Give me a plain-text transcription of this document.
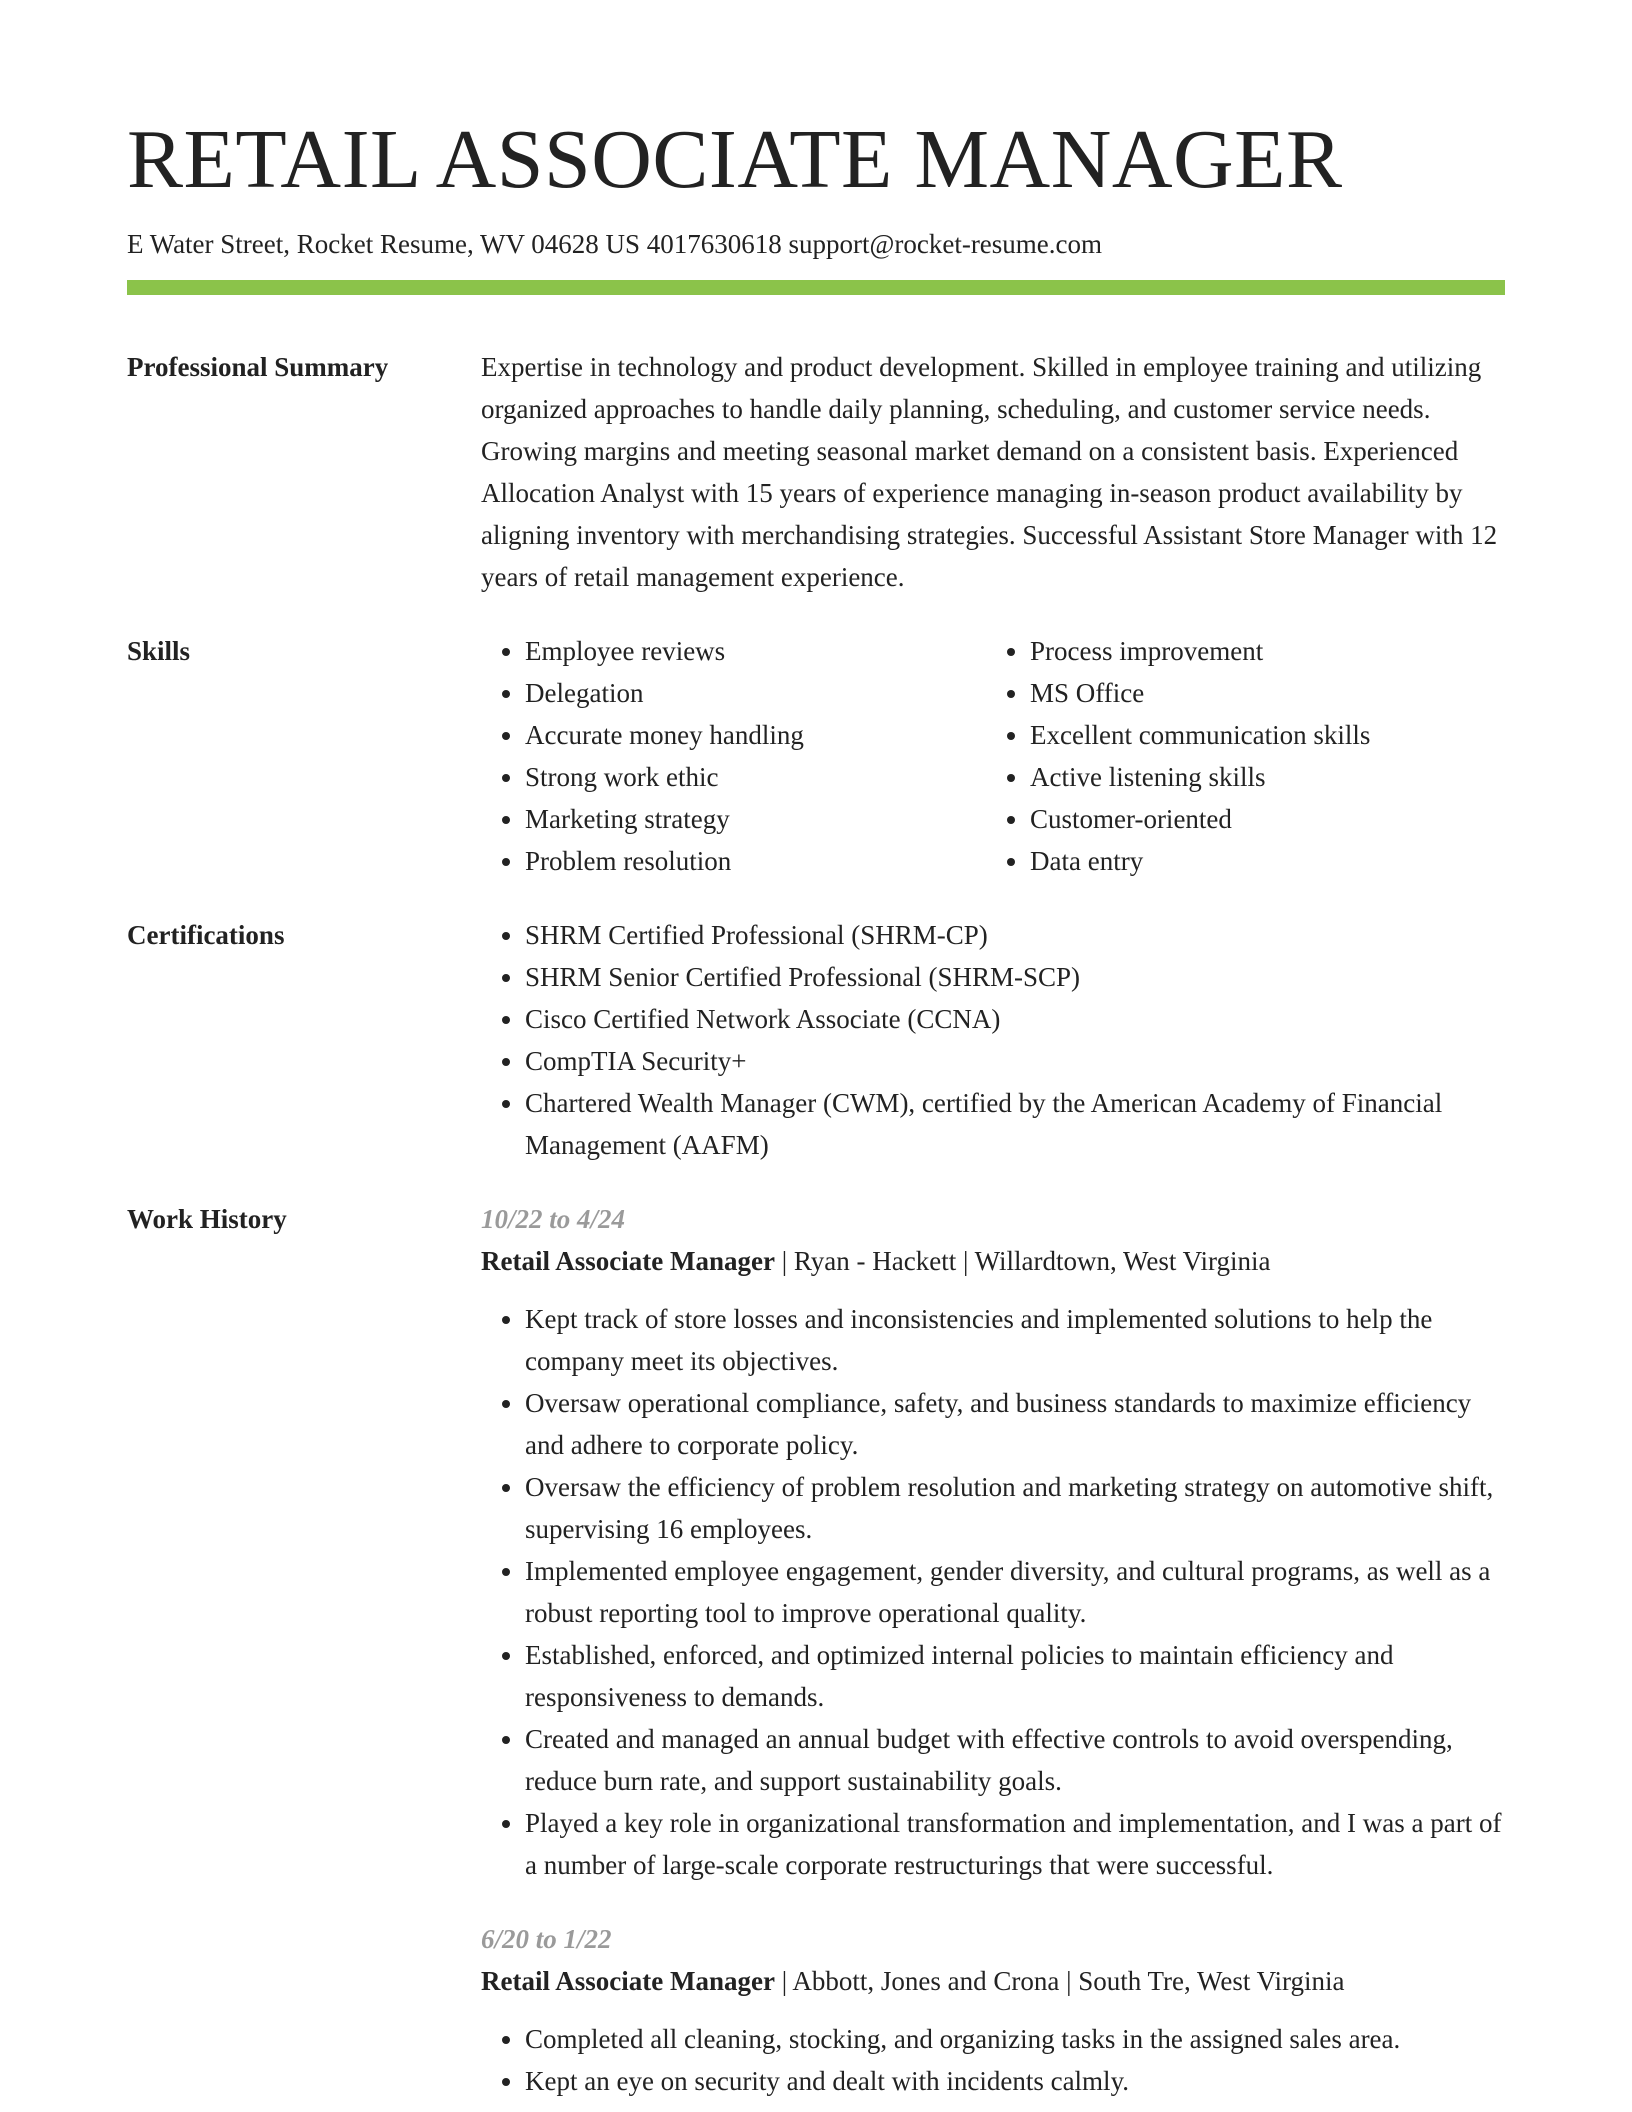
RETAIL ASSOCIATE MANAGER
E Water Street, Rocket Resume, WV 04628 US 4017630618 support@rocket-resume.com
Professional Summary	Expertise in technology and product development. Skilled in employee training and utilizing organized approaches to handle daily planning, scheduling, and customer service needs. Growing margins and meeting seasonal market demand on a consistent basis. Experienced Allocation Analyst with 15 years of experience managing in-season product availability by aligning inventory with merchandising strategies. Successful Assistant Store Manager with 12 years of retail management experience.

Skills	• Employee reviews
• Delegation
• Accurate money handling
• Strong work ethic
• Marketing strategy
• Problem resolution
• Process improvement
• MS Office
• Excellent communication skills
• Active listening skills
• Customer-oriented
• Data entry
Certifications	• SHRM Certified Professional (SHRM-CP)
• SHRM Senior Certified Professional (SHRM-SCP)
• Cisco Certified Network Associate (CCNA)
• CompTIA Security+
• Chartered Wealth Manager (CWM), certified by the American Academy of Financial Management (AAFM)
Work History	10/22 to 4/24
Retail Associate Manager | Ryan - Hackett | Willardtown, West Virginia
• Kept track of store losses and inconsistencies and implemented solutions to help the company meet its objectives.
• Oversaw operational compliance, safety, and business standards to maximize efficiency and adhere to corporate policy.
• Oversaw the efficiency of problem resolution and marketing strategy on automotive shift, supervising 16 employees.
• Implemented employee engagement, gender diversity, and cultural programs, as well as a robust reporting tool to improve operational quality.
• Established, enforced, and optimized internal policies to maintain efficiency and responsiveness to demands.
• Created and managed an annual budget with effective controls to avoid overspending, reduce burn rate, and support sustainability goals.
• Played a key role in organizational transformation and implementation, and I was a part of a number of large-scale corporate restructurings that were successful.
6/20 to 1/22
Retail Associate Manager | Abbott, Jones and Crona | South Tre, West Virginia
• Completed all cleaning, stocking, and organizing tasks in the assigned sales area.
• Kept an eye on security and dealt with incidents calmly.
